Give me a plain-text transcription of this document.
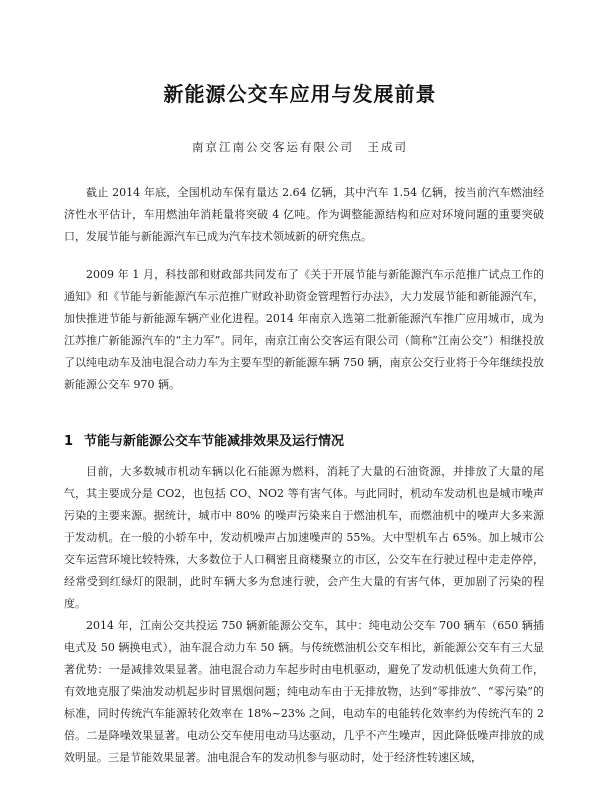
新能源公交车应用与发展前景
南京江南公交客运有限公司　王成司

截止 2014 年底，全国机动车保有量达 2.64 亿辆，其中汽车 1.54 亿辆，按当前汽车燃油经济性水平估计，车用燃油年消耗量将突破 4 亿吨。作为调整能源结构和应对环境问题的重要突破口，发展节能与新能源汽车已成为汽车技术领域新的研究焦点。

2009 年 1 月，科技部和财政部共同发布了《关于开展节能与新能源汽车示范推广试点工作的通知》和《节能与新能源汽车示范推广财政补助资金管理暂行办法》，大力发展节能和新能源汽车，加快推进节能与新能源车辆产业化进程。2014 年南京入选第二批新能源汽车推广应用城市，成为江苏推广新能源汽车的“主力军”。同年，南京江南公交客运有限公司（简称“江南公交”）相继投放了以纯电动车及油电混合动力车为主要车型的新能源车辆 750 辆，南京公交行业将于今年继续投放新能源公交车 970 辆。

1 节能与新能源公交车节能减排效果及运行情况

目前，大多数城市机动车辆以化石能源为燃料，消耗了大量的石油资源，并排放了大量的尾气，其主要成分是 CO2，也包括 CO、NO2 等有害气体。与此同时，机动车发动机也是城市噪声污染的主要来源。据统计，城市中 80% 的噪声污染来自于燃油机车，而燃油机中的噪声大多来源于发动机。在一般的小轿车中，发动机噪声占加速噪声的 55%。大中型机车占 65%。加上城市公交车运营环境比较特殊，大多数位于人口稠密且商楼聚立的市区，公交车在行驶过程中走走停停，经常受到红绿灯的限制，此时车辆大多为怠速行驶，会产生大量的有害气体，更加剧了污染的程度。

2014 年，江南公交共投运 750 辆新能源公交车，其中：纯电动公交车 700 辆车（650 辆插电式及 50 辆换电式），油车混合动力车 50 辆。与传统燃油机公交车相比，新能源公交车有三大显著优势：一是减排效果显著。油电混合动力车起步时由电机驱动，避免了发动机低速大负荷工作，有效地克服了柴油发动机起步时冒黑烟问题；纯电动车由于无排放物，达到“零排放”、“零污染”的标准，同时传统汽车能源转化效率在 18%~23% 之间，电动车的电能转化效率约为传统汽车的 2 倍。二是降噪效果显著。电动公交车使用电动马达驱动，几乎不产生噪声，因此降低噪声排放的成效明显。三是节能效果显著。油电混合车的发动机参与驱动时，处于经济性转速区域，
